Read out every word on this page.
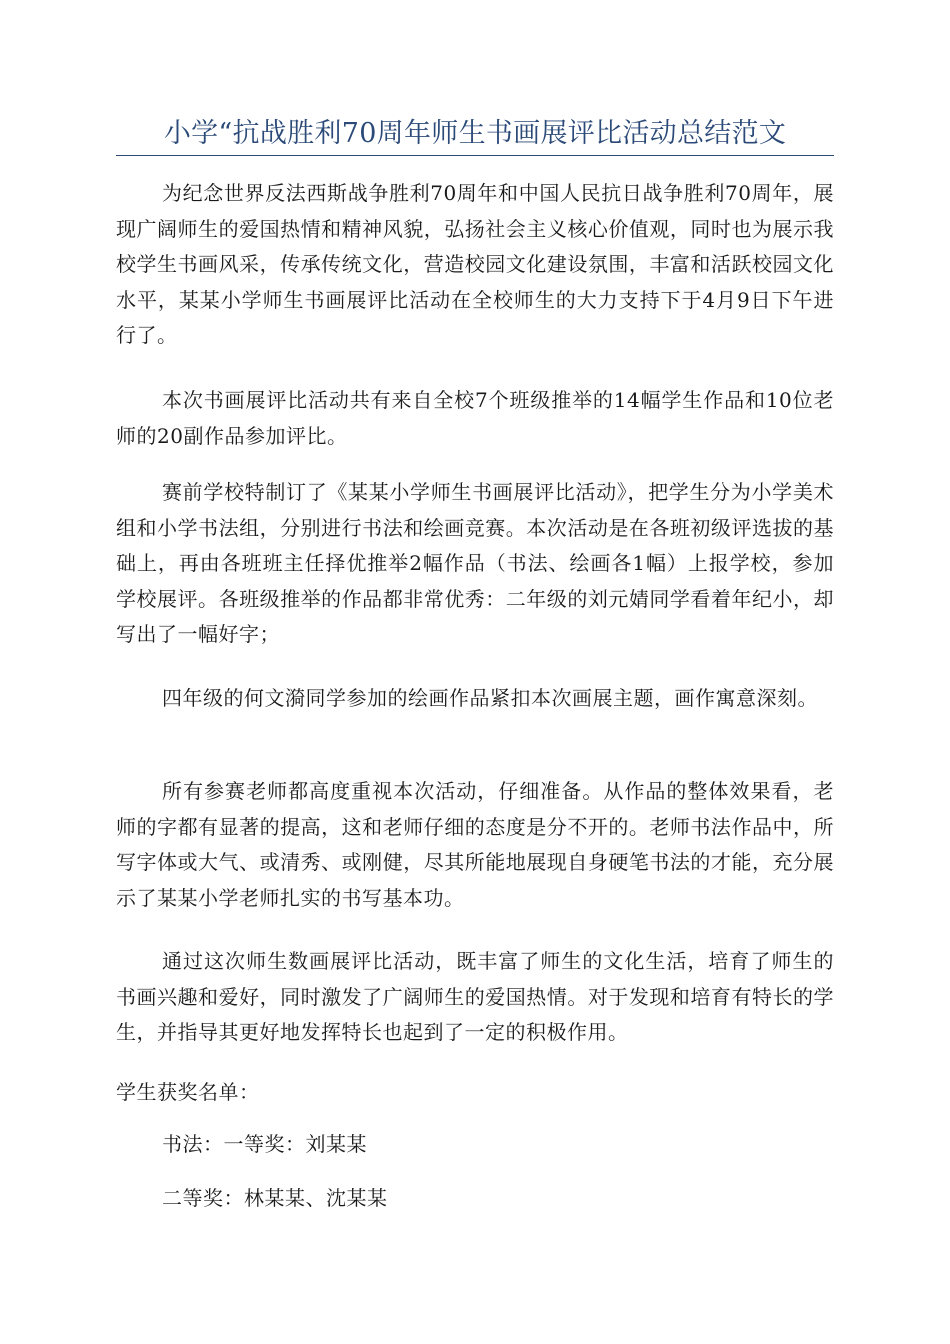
小学“抗战胜利70周年师生书画展评比活动总结范文

为纪念世界反法西斯战争胜利70周年和中国人民抗日战争胜利70周年，展现广阔师生的爱国热情和精神风貌，弘扬社会主义核心价值观，同时也为展示我校学生书画风采，传承传统文化，营造校园文化建设氛围，丰富和活跃校园文化水平，某某小学师生书画展评比活动在全校师生的大力支持下于4月9日下午进行了。

本次书画展评比活动共有来自全校7个班级推举的14幅学生作品和10位老师的20副作品参加评比。

赛前学校特制订了《某某小学师生书画展评比活动》，把学生分为小学美术组和小学书法组，分别进行书法和绘画竞赛。本次活动是在各班初级评选拔的基础上，再由各班班主任择优推举2幅作品（书法、绘画各1幅）上报学校，参加学校展评。各班级推举的作品都非常优秀：二年级的刘元婧同学看着年纪小，却写出了一幅好字；

四年级的何文漪同学参加的绘画作品紧扣本次画展主题，画作寓意深刻。

所有参赛老师都高度重视本次活动，仔细准备。从作品的整体效果看，老师的字都有显著的提高，这和老师仔细的态度是分不开的。老师书法作品中，所写字体或大气、或清秀、或刚健，尽其所能地展现自身硬笔书法的才能，充分展示了某某小学老师扎实的书写基本功。

通过这次师生数画展评比活动，既丰富了师生的文化生活，培育了师生的书画兴趣和爱好，同时激发了广阔师生的爱国热情。对于发现和培育有特长的学生，并指导其更好地发挥特长也起到了一定的积极作用。

学生获奖名单：

书法：一等奖：刘某某

二等奖：林某某、沈某某
